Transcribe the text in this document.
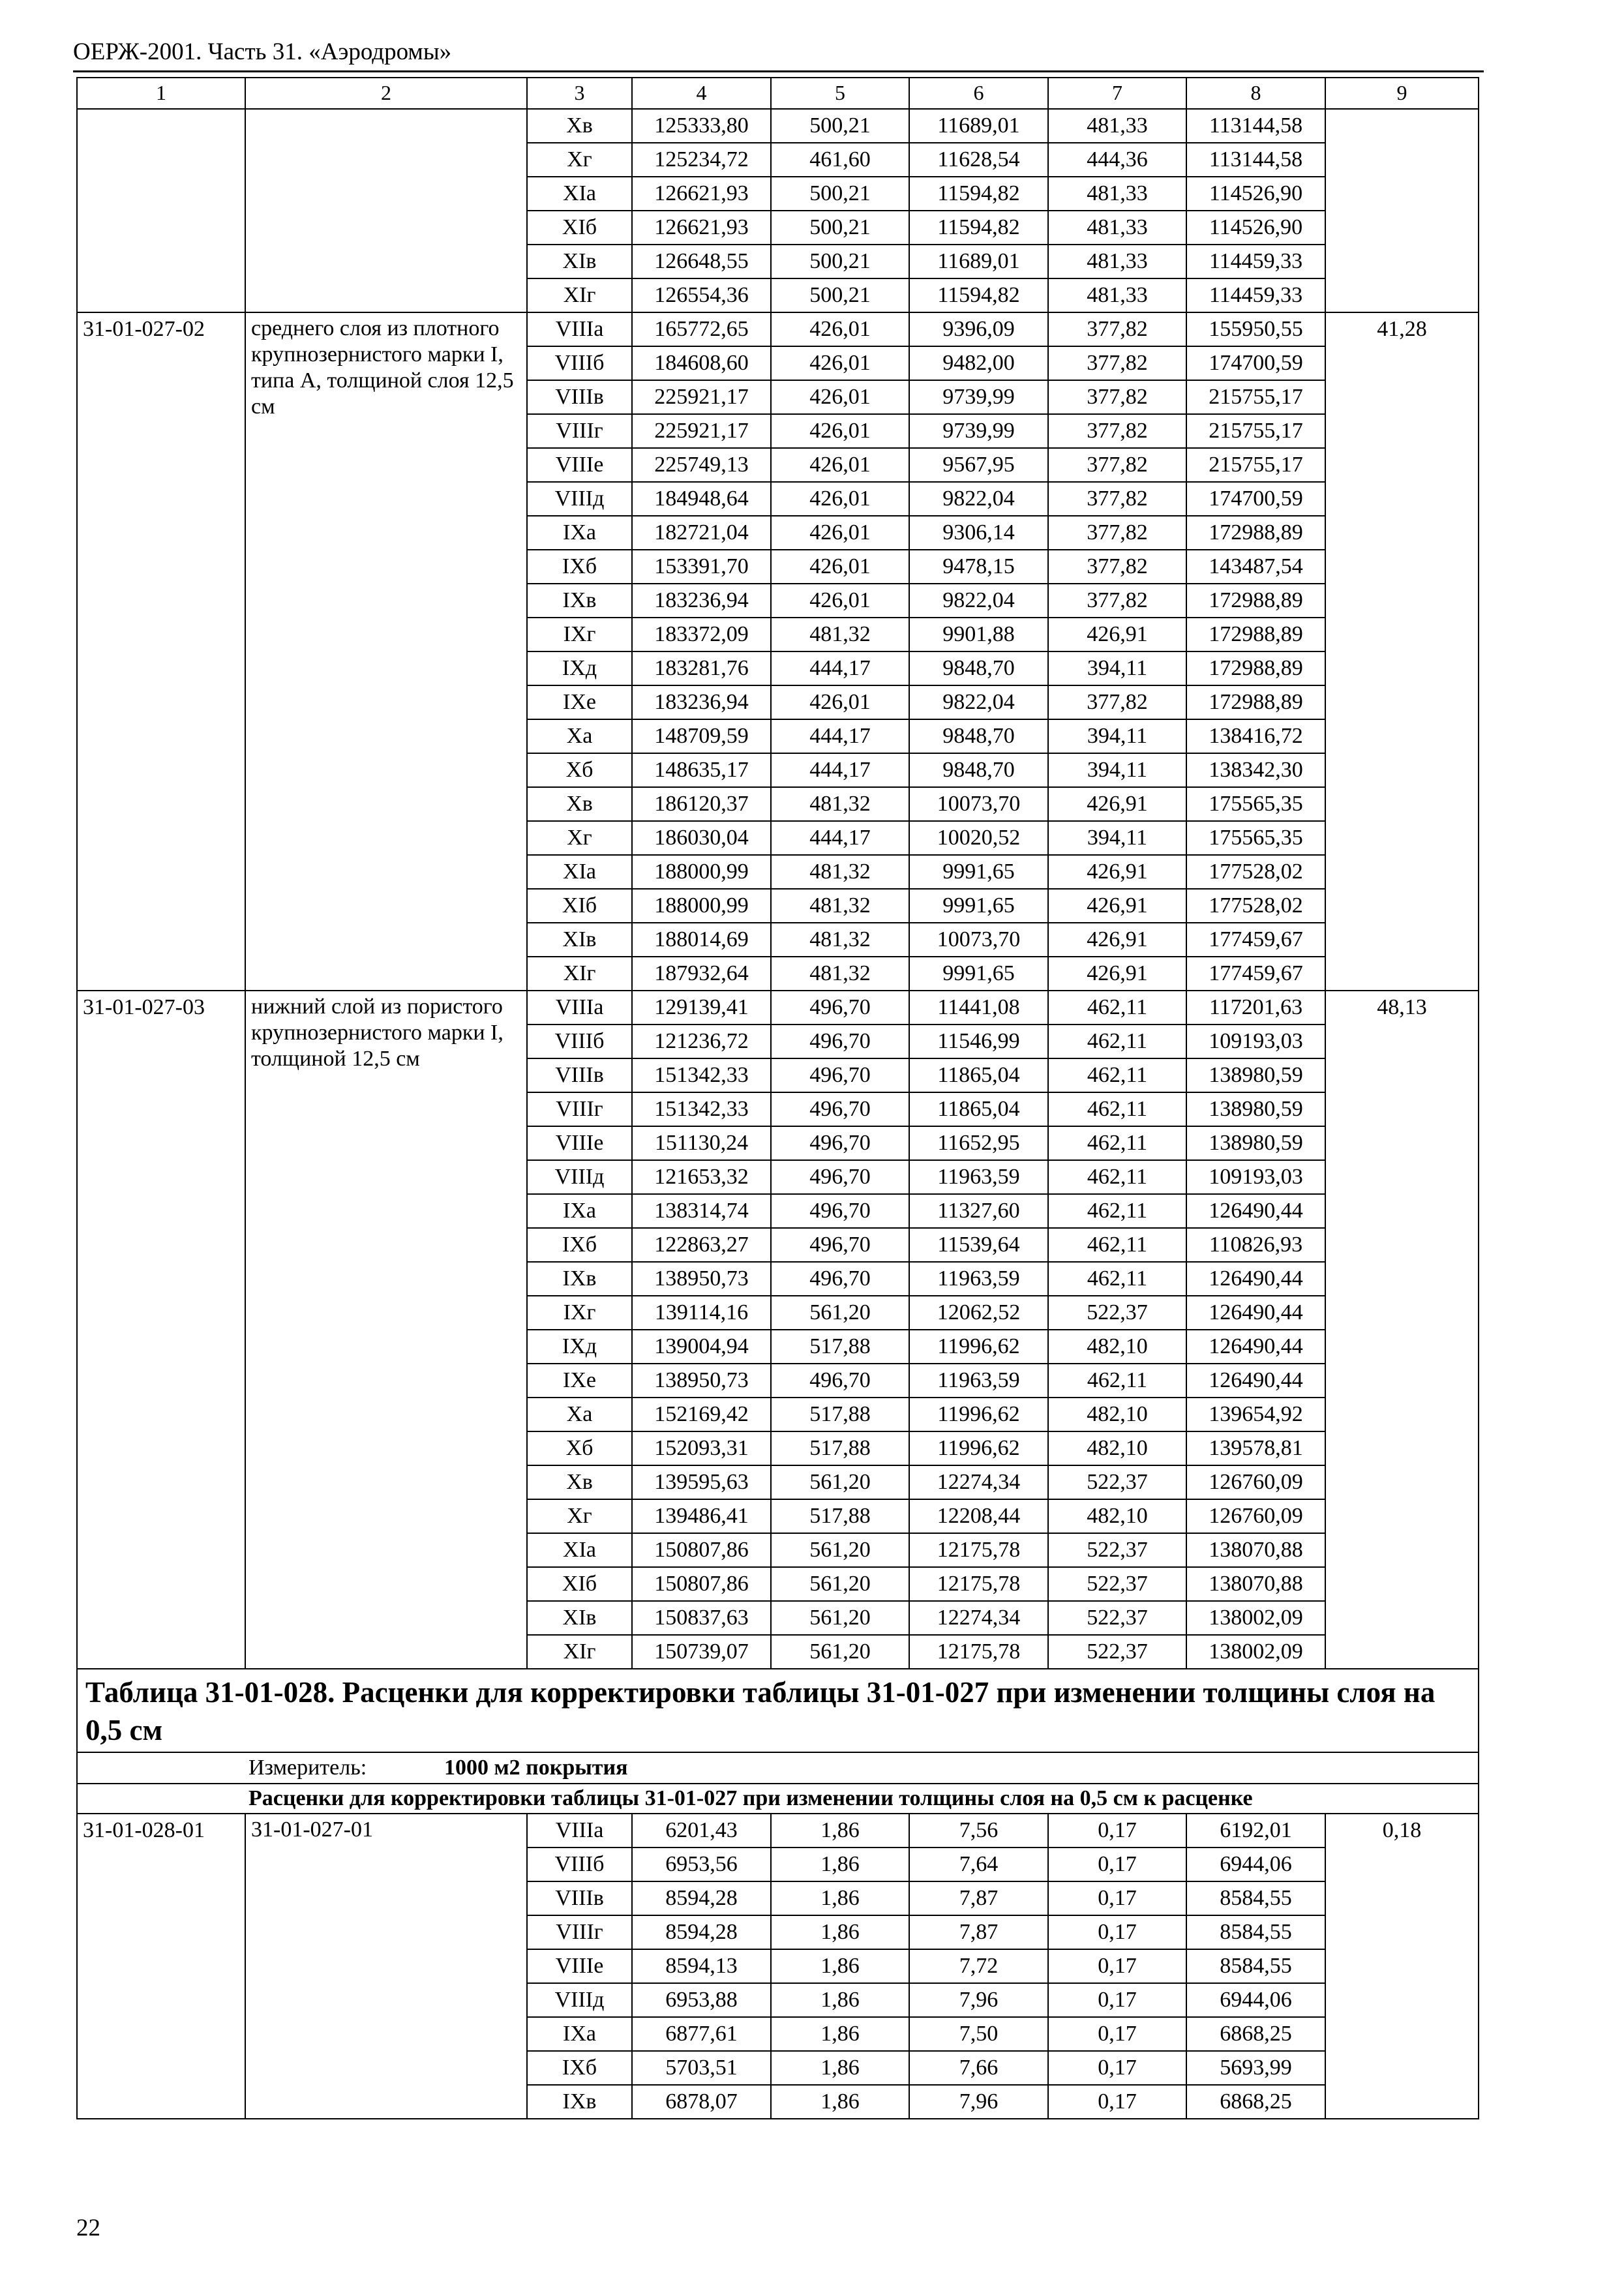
ОЕРЖ-2001. Часть 31. «Аэродромы»
1	2	3	4	5	6	7	8	9
		Хв	125333,80	500,21	11689,01	481,33	113144,58	
		Хг	125234,72	461,60	11628,54	444,36	113144,58	
		ХIа	126621,93	500,21	11594,82	481,33	114526,90	
		ХIб	126621,93	500,21	11594,82	481,33	114526,90	
		ХIв	126648,55	500,21	11689,01	481,33	114459,33	
		ХIг	126554,36	500,21	11594,82	481,33	114459,33	
31-01-027-02	среднего слоя из плотного крупнозернистого марки I, типа А, толщиной слоя 12,5 см	VIIIа	165772,65	426,01	9396,09	377,82	155950,55	41,28
		VIIIб	184608,60	426,01	9482,00	377,82	174700,59	
		VIIIв	225921,17	426,01	9739,99	377,82	215755,17	
		VIIIг	225921,17	426,01	9739,99	377,82	215755,17	
		VIIIе	225749,13	426,01	9567,95	377,82	215755,17	
		VIIIд	184948,64	426,01	9822,04	377,82	174700,59	
		IХа	182721,04	426,01	9306,14	377,82	172988,89	
		IХб	153391,70	426,01	9478,15	377,82	143487,54	
		IХв	183236,94	426,01	9822,04	377,82	172988,89	
		IХг	183372,09	481,32	9901,88	426,91	172988,89	
		IХд	183281,76	444,17	9848,70	394,11	172988,89	
		IХе	183236,94	426,01	9822,04	377,82	172988,89	
		Ха	148709,59	444,17	9848,70	394,11	138416,72	
		Хб	148635,17	444,17	9848,70	394,11	138342,30	
		Хв	186120,37	481,32	10073,70	426,91	175565,35	
		Хг	186030,04	444,17	10020,52	394,11	175565,35	
		ХIа	188000,99	481,32	9991,65	426,91	177528,02	
		ХIб	188000,99	481,32	9991,65	426,91	177528,02	
		ХIв	188014,69	481,32	10073,70	426,91	177459,67	
		ХIг	187932,64	481,32	9991,65	426,91	177459,67	
31-01-027-03	нижний слой из пористого крупнозернистого марки I, толщиной 12,5 см	VIIIа	129139,41	496,70	11441,08	462,11	117201,63	48,13
		VIIIб	121236,72	496,70	11546,99	462,11	109193,03	
		VIIIв	151342,33	496,70	11865,04	462,11	138980,59	
		VIIIг	151342,33	496,70	11865,04	462,11	138980,59	
		VIIIе	151130,24	496,70	11652,95	462,11	138980,59	
		VIIIд	121653,32	496,70	11963,59	462,11	109193,03	
		IХа	138314,74	496,70	11327,60	462,11	126490,44	
		IХб	122863,27	496,70	11539,64	462,11	110826,93	
		IХв	138950,73	496,70	11963,59	462,11	126490,44	
		IХг	139114,16	561,20	12062,52	522,37	126490,44	
		IХд	139004,94	517,88	11996,62	482,10	126490,44	
		IХе	138950,73	496,70	11963,59	462,11	126490,44	
		Ха	152169,42	517,88	11996,62	482,10	139654,92	
		Хб	152093,31	517,88	11996,62	482,10	139578,81	
		Хв	139595,63	561,20	12274,34	522,37	126760,09	
		Хг	139486,41	517,88	12208,44	482,10	126760,09	
		ХIа	150807,86	561,20	12175,78	522,37	138070,88	
		ХIб	150807,86	561,20	12175,78	522,37	138070,88	
		ХIв	150837,63	561,20	12274,34	522,37	138002,09	
		ХIг	150739,07	561,20	12175,78	522,37	138002,09	
Таблица 31-01-028. Расценки для корректировки таблицы 31-01-027 при изменении толщины слоя на 0,5 см								
Измеритель: 1000 м2 покрытия								
Расценки для корректировки таблицы 31-01-027 при изменении толщины слоя на 0,5 см к расценке								
31-01-028-01	31-01-027-01	VIIIа	6201,43	1,86	7,56	0,17	6192,01	0,18
		VIIIб	6953,56	1,86	7,64	0,17	6944,06	
		VIIIв	8594,28	1,86	7,87	0,17	8584,55	
		VIIIг	8594,28	1,86	7,87	0,17	8584,55	
		VIIIе	8594,13	1,86	7,72	0,17	8584,55	
		VIIIд	6953,88	1,86	7,96	0,17	6944,06	
		IХа	6877,61	1,86	7,50	0,17	6868,25	
		IХб	5703,51	1,86	7,66	0,17	5693,99	
		IХв	6878,07	1,86	7,96	0,17	6868,25	
22
